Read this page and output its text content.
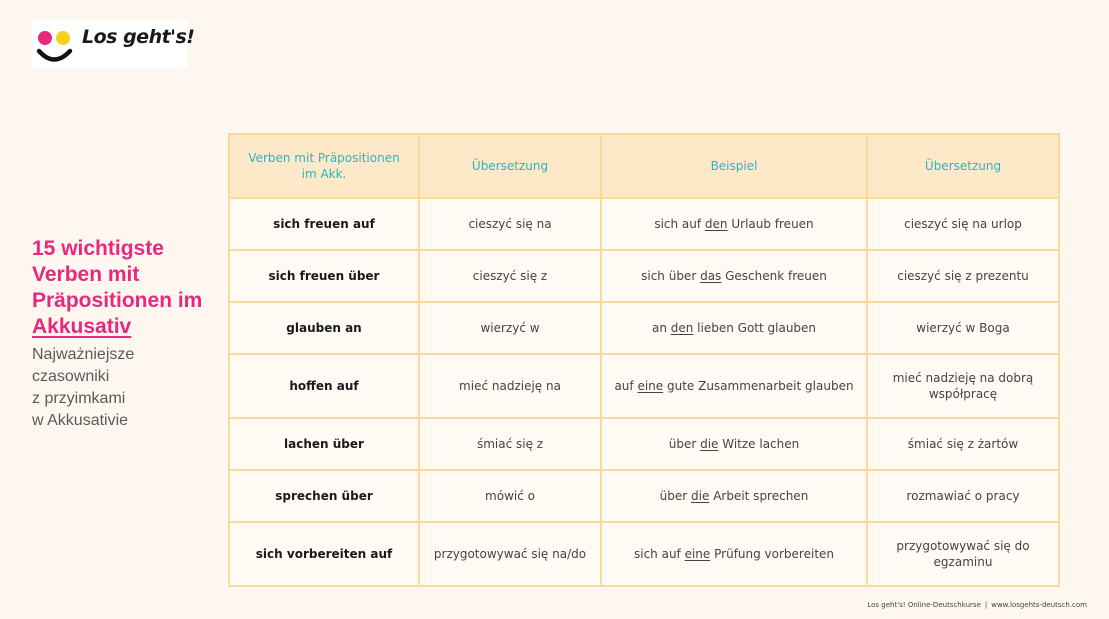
Los geht's!
15 wichtigste Verben mit Präpositionen im Akkusativ
Najważniejsze
czasowniki
z przyimkami
w Akkusativie
Verben mit Präpositionen im Akk.	Übersetzung	Beispiel	Übersetzung
sich freuen auf	cieszyć się na	sich auf den Urlaub freuen	cieszyć się na urlop
sich freuen über	cieszyć się z	sich über das Geschenk freuen	cieszyć się z prezentu
glauben an	wierzyć w	an den lieben Gott glauben	wierzyć w Boga
hoffen auf	mieć nadzieję na	auf eine gute Zusammenarbeit glauben	mieć nadzieję na dobrą współpracę
lachen über	śmiać się z	über die Witze lachen	śmiać się z żartów
sprechen über	mówić o	über die Arbeit sprechen	rozmawiać o pracy
sich vorbereiten auf	przygotowywać się na/do	sich auf eine Prüfung vorbereiten	przygotowywać się do egzaminu
Los geht's! Online-Deutschkurse | www.losgehts-deutsch.com
